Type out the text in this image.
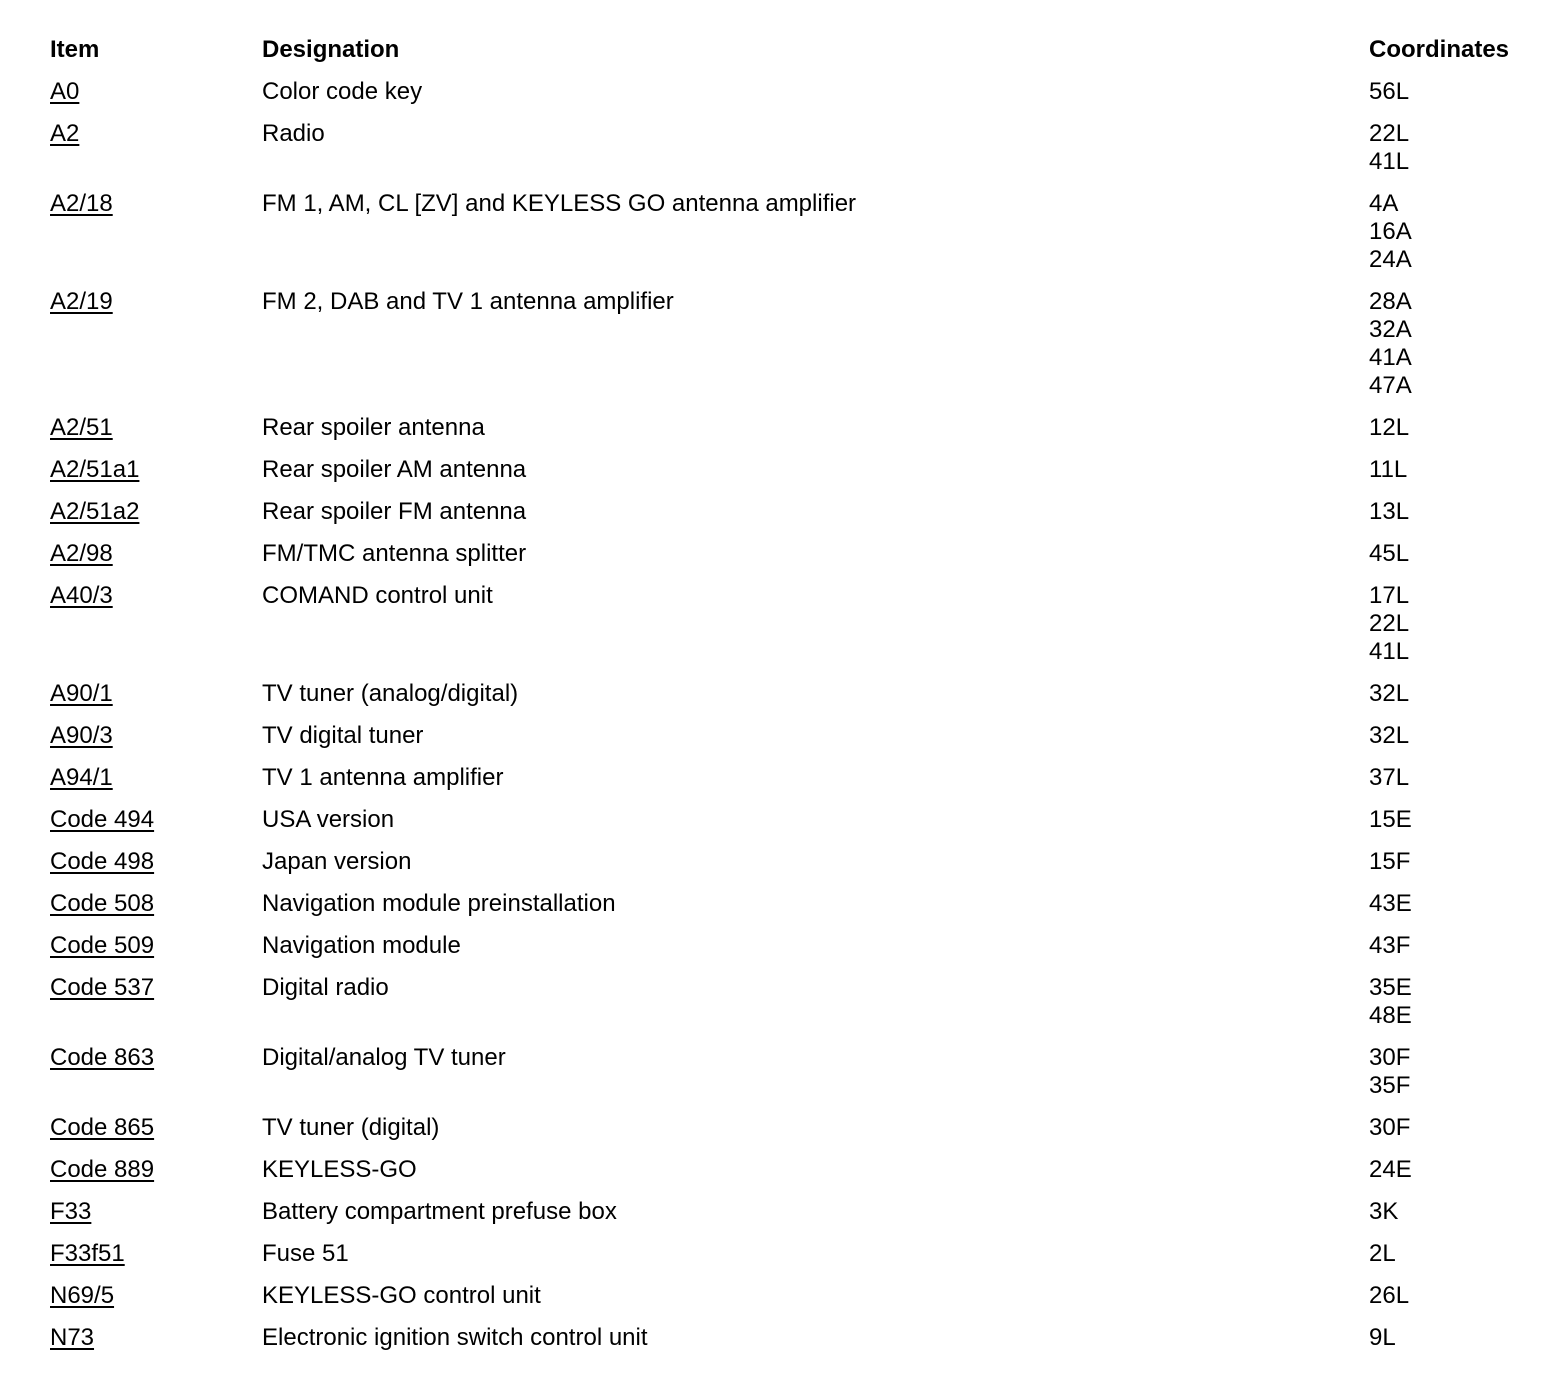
Item	Designation	Coordinates
A0	Color code key	56L
A2	Radio	22L
41L
A2/18	FM 1, AM, CL [ZV] and KEYLESS GO antenna amplifier	4A
16A
24A
A2/19	FM 2, DAB and TV 1 antenna amplifier	28A
32A
41A
47A
A2/51	Rear spoiler antenna	12L
A2/51a1	Rear spoiler AM antenna	11L
A2/51a2	Rear spoiler FM antenna	13L
A2/98	FM/TMC antenna splitter	45L
A40/3	COMAND control unit	17L
22L
41L
A90/1	TV tuner (analog/digital)	32L
A90/3	TV digital tuner	32L
A94/1	TV 1 antenna amplifier	37L
Code 494	USA version	15E
Code 498	Japan version	15F
Code 508	Navigation module preinstallation	43E
Code 509	Navigation module	43F
Code 537	Digital radio	35E
48E
Code 863	Digital/analog TV tuner	30F
35F
Code 865	TV tuner (digital)	30F
Code 889	KEYLESS-GO	24E
F33	Battery compartment prefuse box	3K
F33f51	Fuse 51	2L
N69/5	KEYLESS-GO control unit	26L
N73	Electronic ignition switch control unit	9L
